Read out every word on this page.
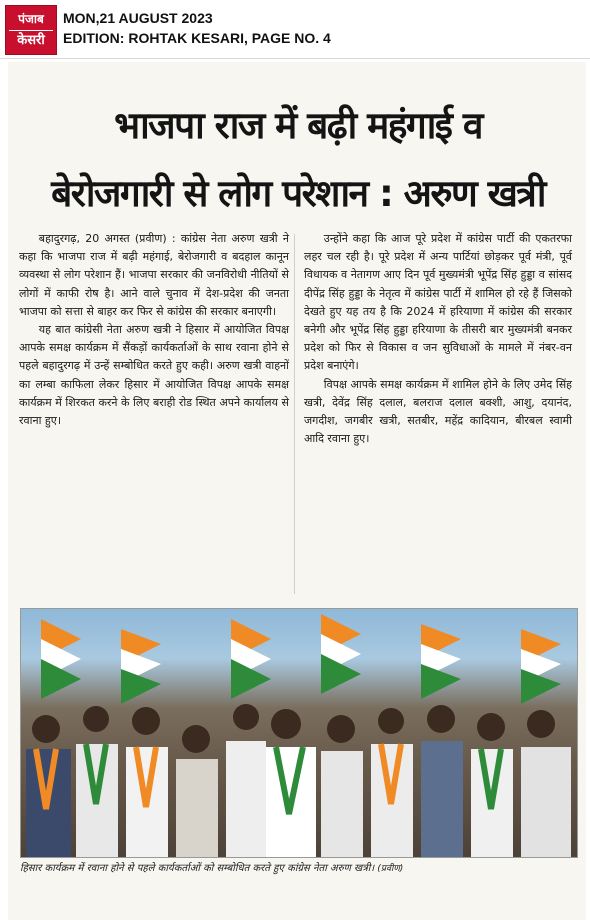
पंजाब
केसरी
MON,21 AUGUST 2023
EDITION: ROHTAK KESARI, PAGE NO. 4
भाजपा राज में बढ़ी महंगाई व
बेरोजगारी से लोग परेशान : अरुण खत्री

बहादुरगढ़, 20 अगस्त (प्रवीण) : कांग्रेस नेता अरुण खत्री ने कहा कि भाजपा राज में बढ़ी महंगाई, बेरोजगारी व बदहाल कानून व्यवस्था से लोग परेशान हैं। भाजपा सरकार की जनविरोधी नीतियों से लोगों में काफी रोष है। आने वाले चुनाव में देश-प्रदेश की जनता भाजपा को सत्ता से बाहर कर फिर से कांग्रेस की सरकार बनाएगी।

यह बात कांग्रेसी नेता अरुण खत्री ने हिसार में आयोजित विपक्ष आपके समक्ष कार्यक्रम में सैंकड़ों कार्यकर्ताओं के साथ रवाना होने से पहले बहादुरगढ़ में उन्हें सम्बोधित करते हुए कही। अरुण खत्री वाहनों का लम्बा काफिला लेकर हिसार में आयोजित विपक्ष आपके समक्ष कार्यक्रम में शिरकत करने के लिए बराही रोड स्थित अपने कार्यालय से रवाना हुए।

उन्होंने कहा कि आज पूरे प्रदेश में कांग्रेस पार्टी की एकतरफा लहर चल रही है। पूरे प्रदेश में अन्य पार्टियां छोड़कर पूर्व मंत्री, पूर्व विधायक व नेतागण आए दिन पूर्व मुख्यमंत्री भूपेंद्र सिंह हुड्डा व सांसद दीपेंद्र सिंह हुड्डा के नेतृत्व में कांग्रेस पार्टी में शामिल हो रहे हैं जिसको देखते हुए यह तय है कि 2024 में हरियाणा में कांग्रेस की सरकार बनेगी और भूपेंद्र सिंह हुड्डा हरियाणा के तीसरी बार मुख्यमंत्री बनकर प्रदेश को फिर से विकास व जन सुविधाओं के मामले में नंबर-वन प्रदेश बनाएंगे।

विपक्ष आपके समक्ष कार्यक्रम में शामिल होने के लिए उमेद सिंह खत्री, देवेंद्र सिंह दलाल, बलराज दलाल बक्शी, आशु, दयानंद, जगदीश, जगबीर खत्री, सतबीर, महेंद्र कादियान, बीरबल स्वामी आदि रवाना हुए।

हिसार कार्यक्रम में रवाना होने से पहले कार्यकर्ताओं को सम्बोधित करते हुए कांग्रेस नेता अरुण खत्री। (प्रवीण)
